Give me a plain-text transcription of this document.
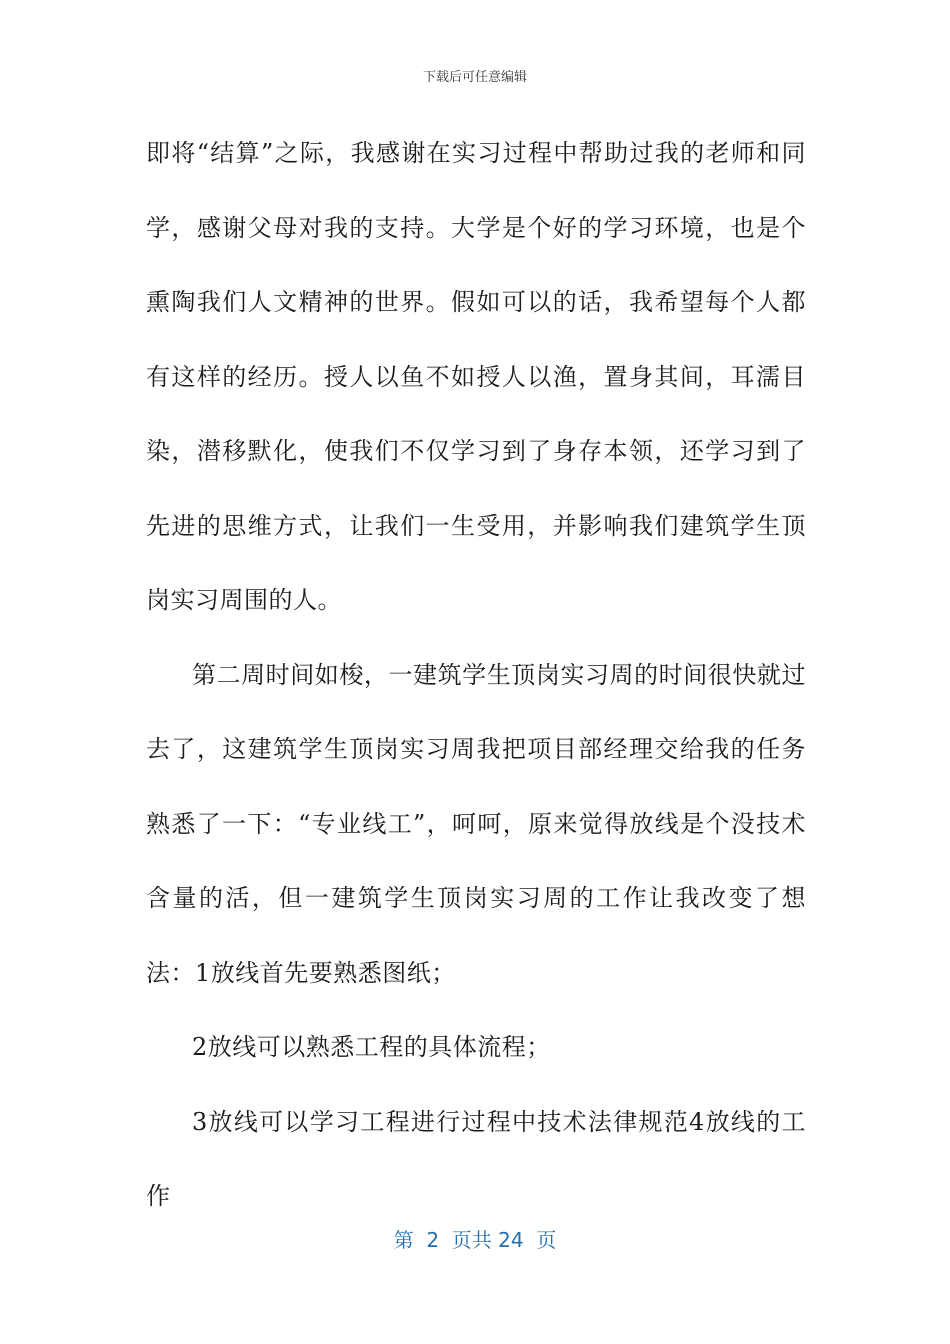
下载后可任意编辑

即将“结算”之际，我感谢在实习过程中帮助过我的老师和同学，感谢父母对我的支持。大学是个好的学习环境，也是个熏陶我们人文精神的世界。假如可以的话，我希望每个人都有这样的经历。授人以鱼不如授人以渔，置身其间，耳濡目染，潜移默化，使我们不仅学习到了身存本领，还学习到了先进的思维方式，让我们一生受用，并影响我们建筑学生顶岗实习周围的人。

第二周时间如梭，一建筑学生顶岗实习周的时间很快就过去了，这建筑学生顶岗实习周我把项目部经理交给我的任务熟悉了一下：“专业线工”，呵呵，原来觉得放线是个没技术含量的活，但一建筑学生顶岗实习周的工作让我改变了想法：1放线首先要熟悉图纸；

2放线可以熟悉工程的具体流程；

3放线可以学习工程进行过程中技术法律规范4放线的工作

第  2  页共 24  页
